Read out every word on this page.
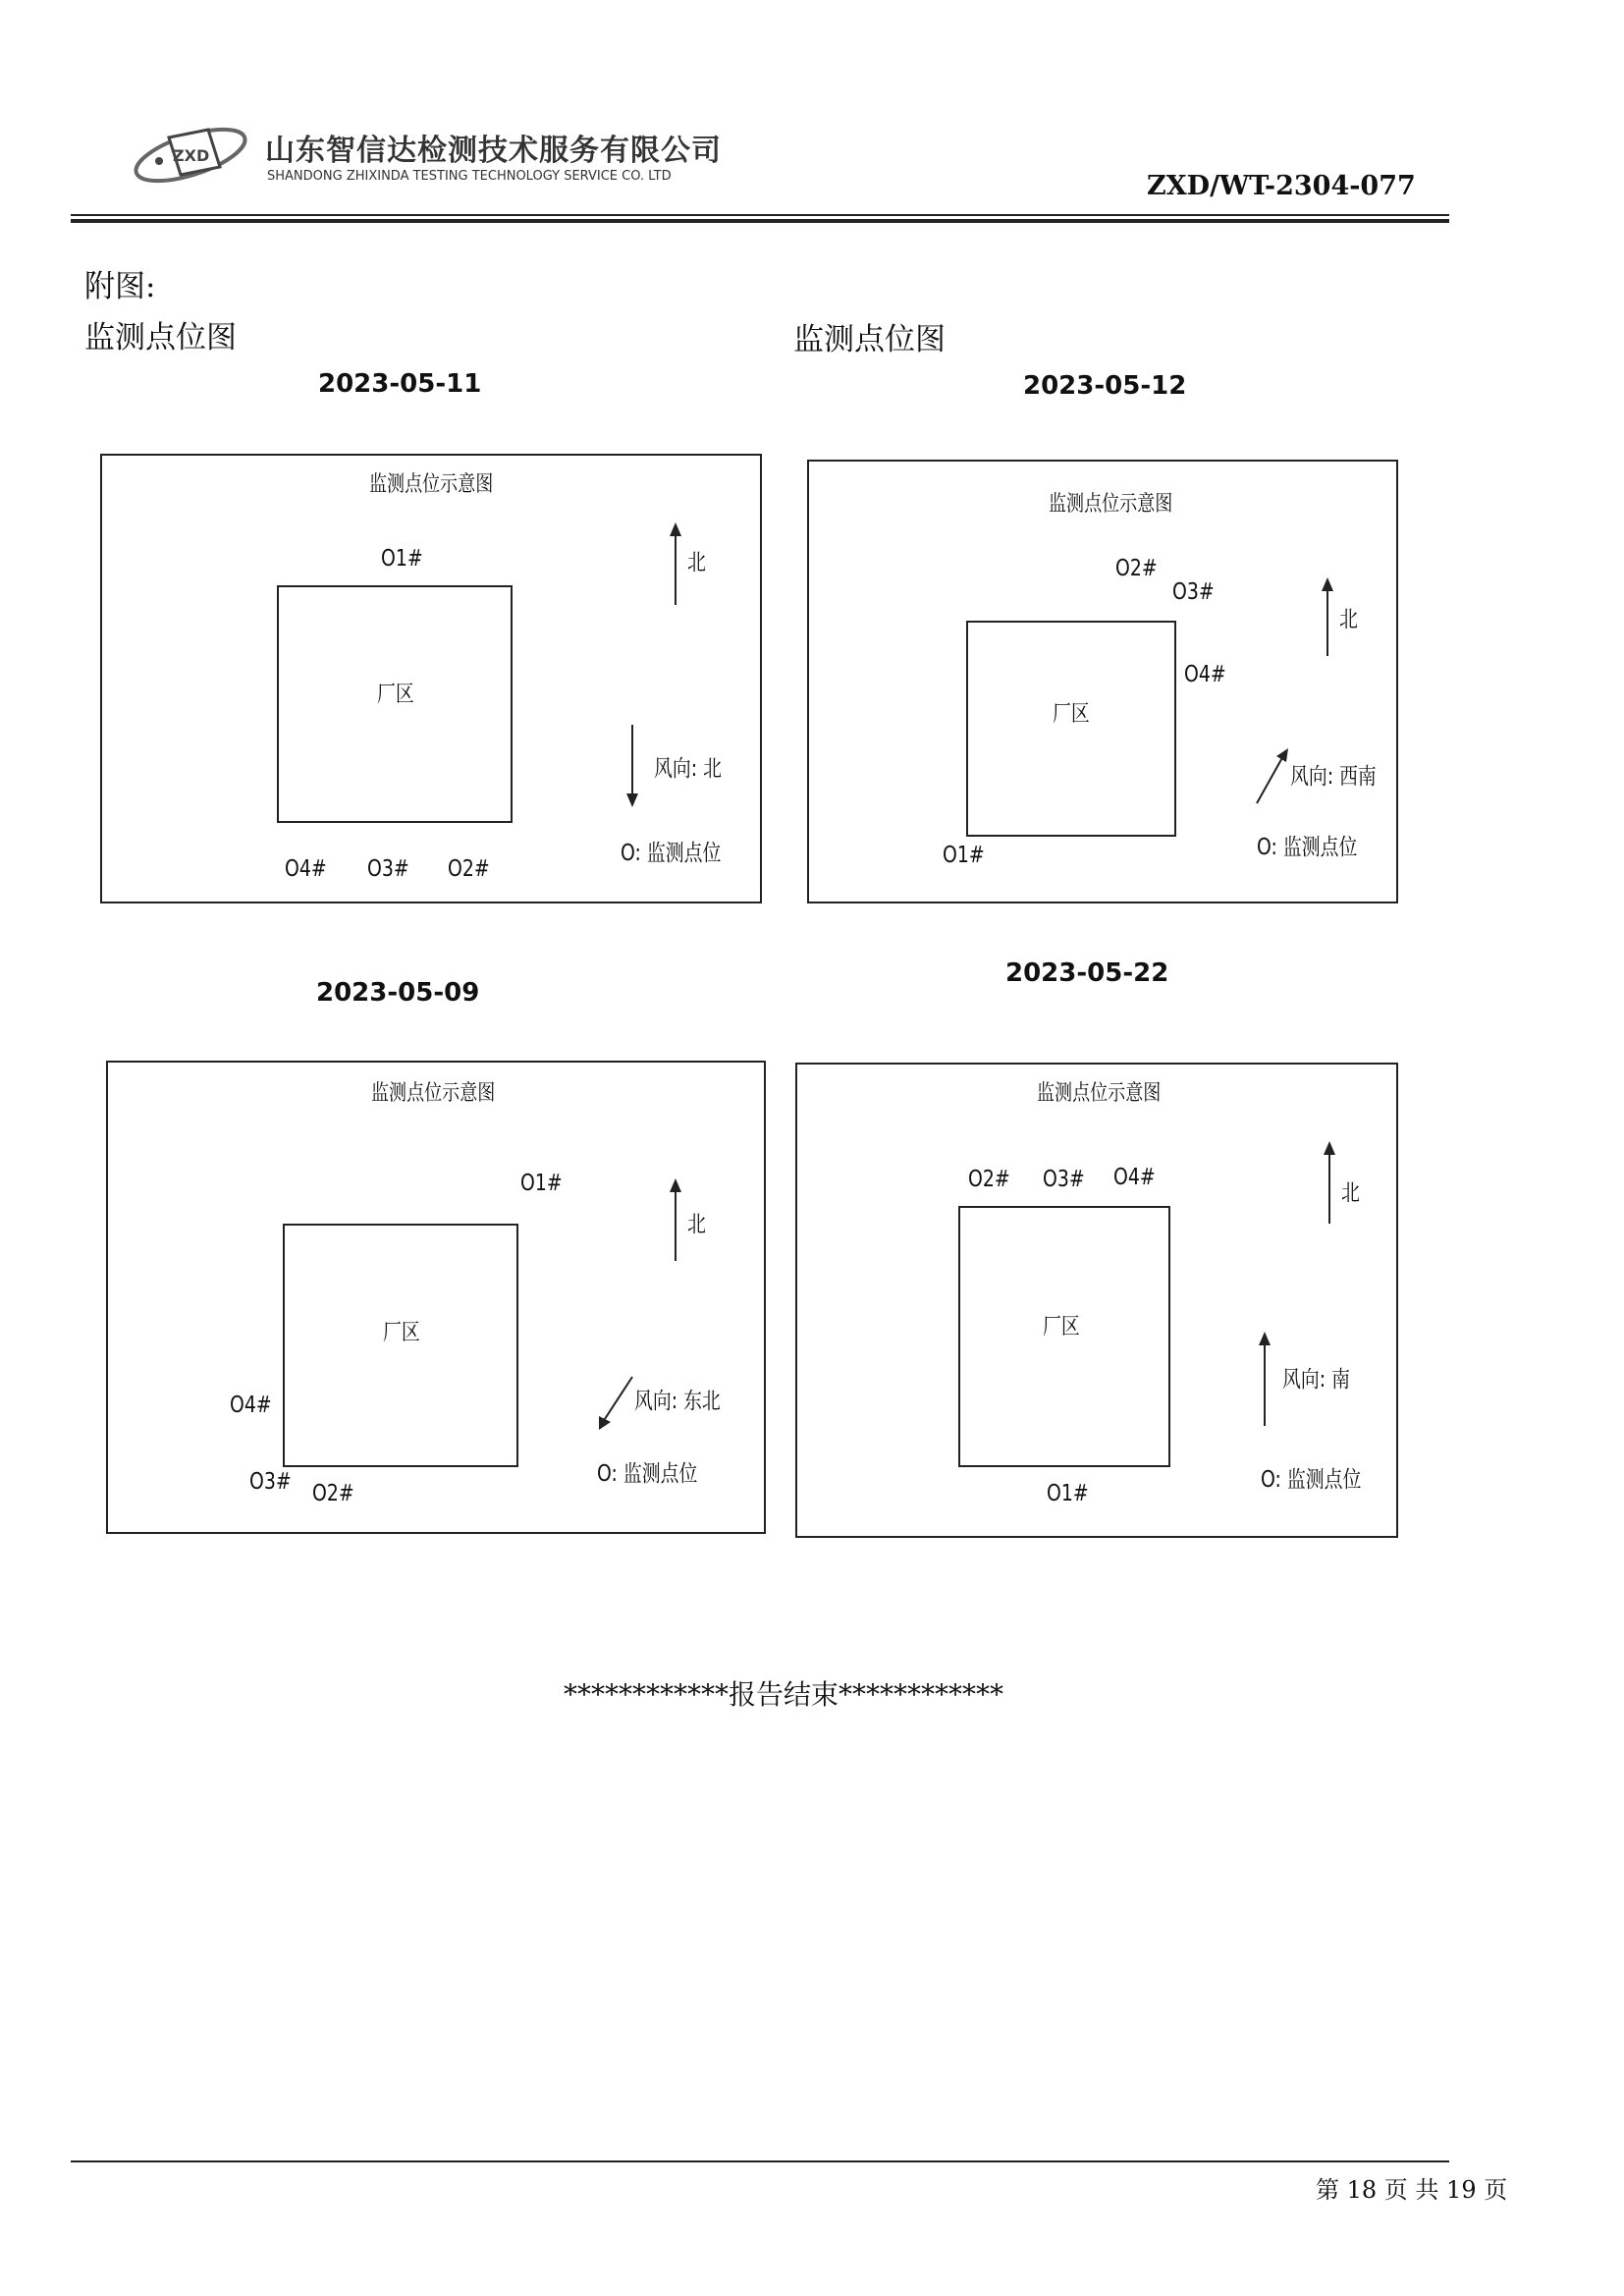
ZXD 山东智信达检测技术服务有限公司
SHANDONG ZHIXINDA TESTING TECHNOLOGY SERVICE CO. LTD	ZXD/WT-2304-077
附图:
监测点位图	监测点位图
2023-05-11
监测点位示意图
O1#
厂区
北
风向: 北
O: 监测点位
O4# O3# O2#
2023-05-12
监测点位示意图
O2#
O3#
O4#
厂区
北
风向: 西南
O: 监测点位
O1#
2023-05-09
监测点位示意图
O1#
厂区
北
风向: 东北
O: 监测点位
O4#
O3# O2#
2023-05-22
监测点位示意图
O2# O3# O4#
厂区
北
风向: 南
O: 监测点位
O1#
************报告结束************
第 18 页 共 19 页
